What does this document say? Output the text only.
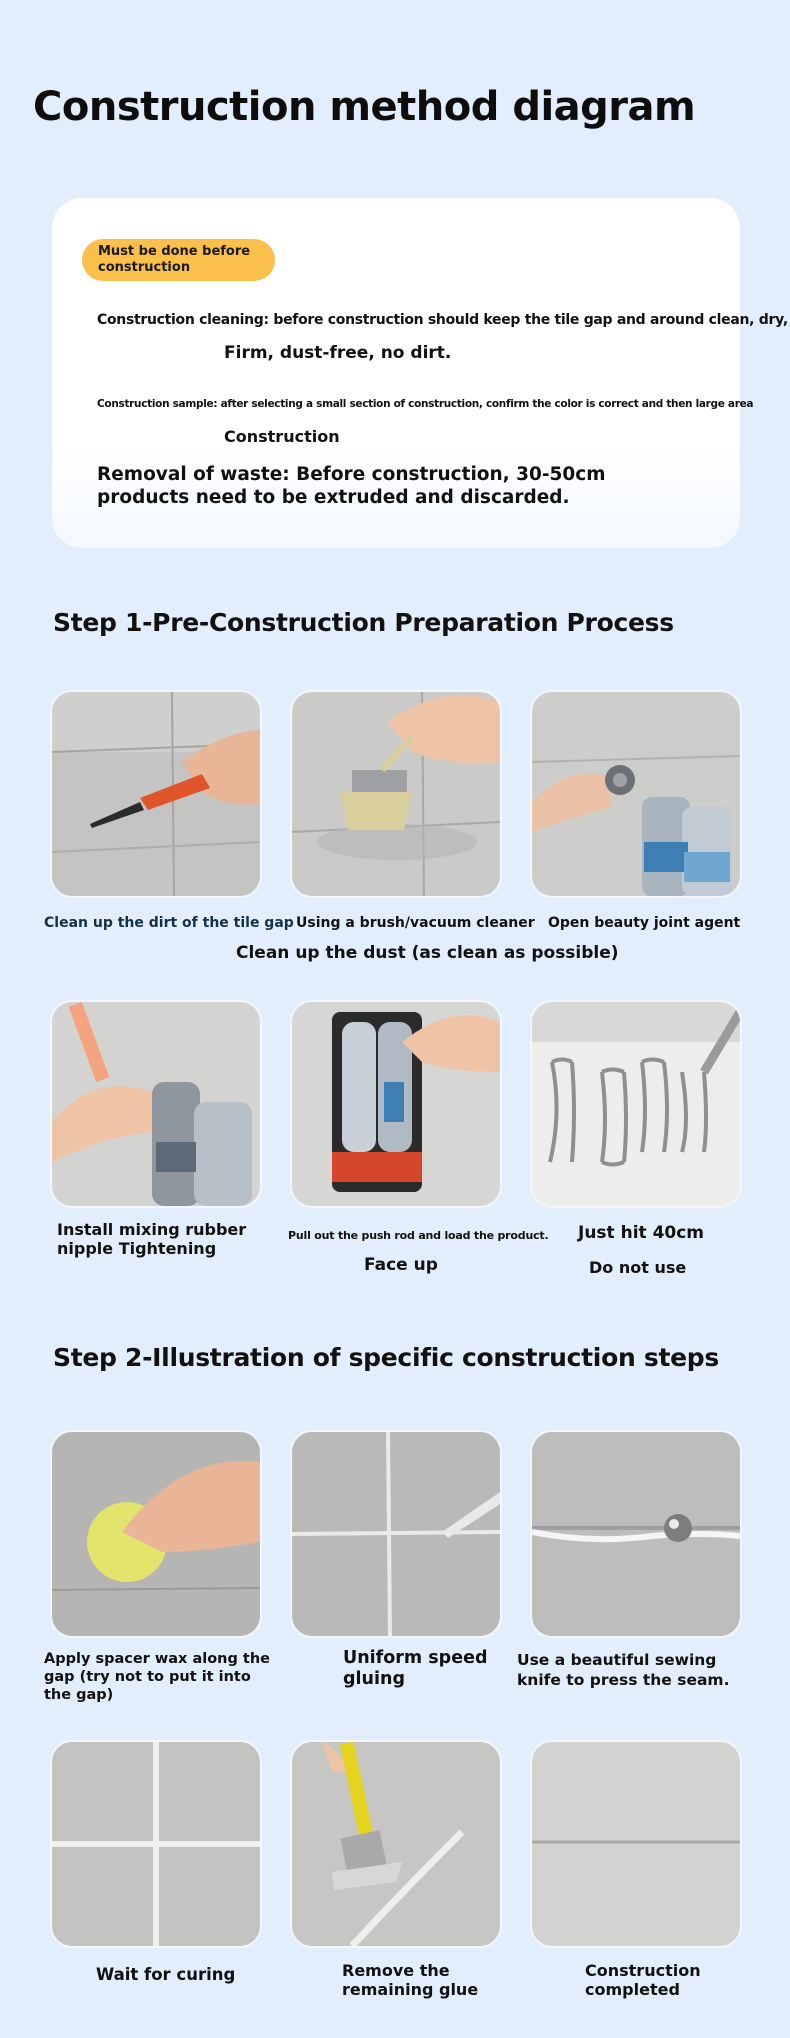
Construction method diagram
Must be done before construction
Construction cleaning: before construction should keep the tile gap and around clean, dry,
Firm, dust-free, no dirt.
Construction sample: after selecting a small section of construction, confirm the color is correct and then large area
Construction
Removal of waste: Before construction, 30-50cm products need to be extruded and discarded.
Step 1-Pre-Construction Preparation Process
Clean up the dirt of the tile gap Using a brush/vacuum cleaner Open beauty joint agent
Clean up the dust (as clean as possible)
Install mixing rubber nipple Tightening
Pull out the push rod and load the product.
Face up
Just hit 40cm
Do not use
Step 2-Illustration of specific construction steps
Apply spacer wax along the gap (try not to put it into the gap)
Uniform speed gluing
Use a beautiful sewing knife to press the seam.
Wait for curing	Remove the remaining glue
Construction completed
